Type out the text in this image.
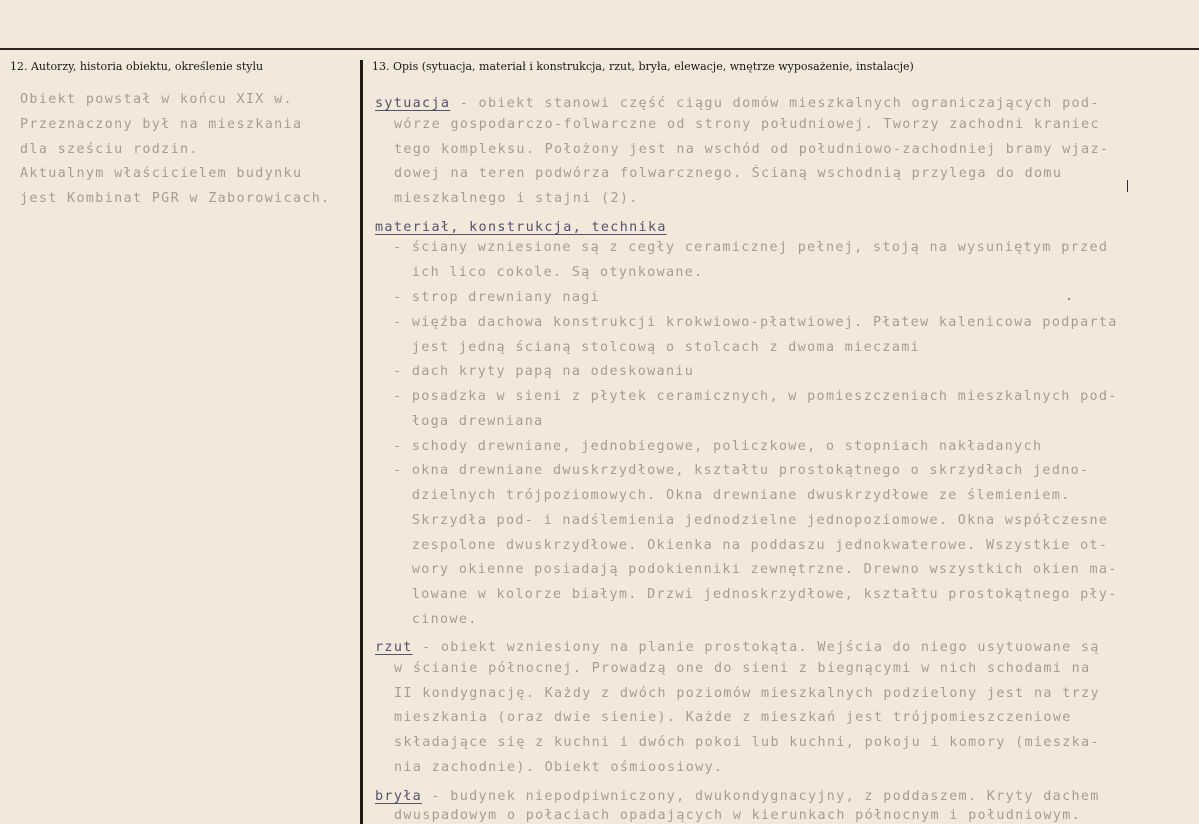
12. Autorzy, historia obiektu, określenie stylu	13. Opis (sytuacja, materiał i konstrukcja, rzut, bryła, elewacje, wnętrze wyposażenie, instalacje)
Obiekt powstał w końcu XIX w.
Przeznaczony był na mieszkania
dla sześciu rodzin.
Aktualnym właścicielem budynku
jest Kombinat PGR w Zaborowicach.
sytuacja - obiekt stanowi część ciągu domów mieszkalnych ograniczających pod-
wórze gospodarczo-folwarczne od strony południowej. Tworzy zachodni kraniec
tego kompleksu. Położony jest na wschód od południowo-zachodniej bramy wjaz-
dowej na teren podwórza folwarcznego. Ścianą wschodnią przylega do domu
mieszkalnego i stajni (2).
materiał, konstrukcja, technika
- ściany wzniesione są z cegły ceramicznej pełnej, stoją na wysuniętym przed
ich lico cokole. Są otynkowane.
- strop drewniany nagi
- więźba dachowa konstrukcji krokwiowo-płatwiowej. Płatew kalenicowa podparta
jest jedną ścianą stolcową o stolcach z dwoma mieczami
- dach kryty papą na odeskowaniu
- posadzka w sieni z płytek ceramicznych, w pomieszczeniach mieszkalnych pod-
łoga drewniana
- schody drewniane, jednobiegowe, policzkowe, o stopniach nakładanych
- okna drewniane dwuskrzydłowe, kształtu prostokątnego o skrzydłach jedno-
dzielnych trójpoziomowych. Okna drewniane dwuskrzydłowe ze ślemieniem.
Skrzydła pod- i nadślemienia jednodzielne jednopoziomowe. Okna współczesne
zespolone dwuskrzydłowe. Okienka na poddaszu jednokwaterowe. Wszystkie ot-
wory okienne posiadają podokienniki zewnętrzne. Drewno wszystkich okien ma-
lowane w kolorze białym. Drzwi jednoskrzydłowe, kształtu prostokątnego pły-
cinowe.
rzut - obiekt wzniesiony na planie prostokąta. Wejścia do niego usytuowane są
w ścianie północnej. Prowadzą one do sieni z biegnącymi w nich schodami na
II kondygnację. Każdy z dwóch poziomów mieszkalnych podzielony jest na trzy
mieszkania (oraz dwie sienie). Każde z mieszkań jest trójpomieszczeniowe
składające się z kuchni i dwóch pokoi lub kuchni, pokoju i komory (mieszka-
nia zachodnie). Obiekt ośmioosiowy.
bryła - budynek niepodpiwniczony, dwukondygnacyjny, z poddaszem. Kryty dachem
dwuspadowym o połaciach opadających w kierunkach północnym i południowym.
